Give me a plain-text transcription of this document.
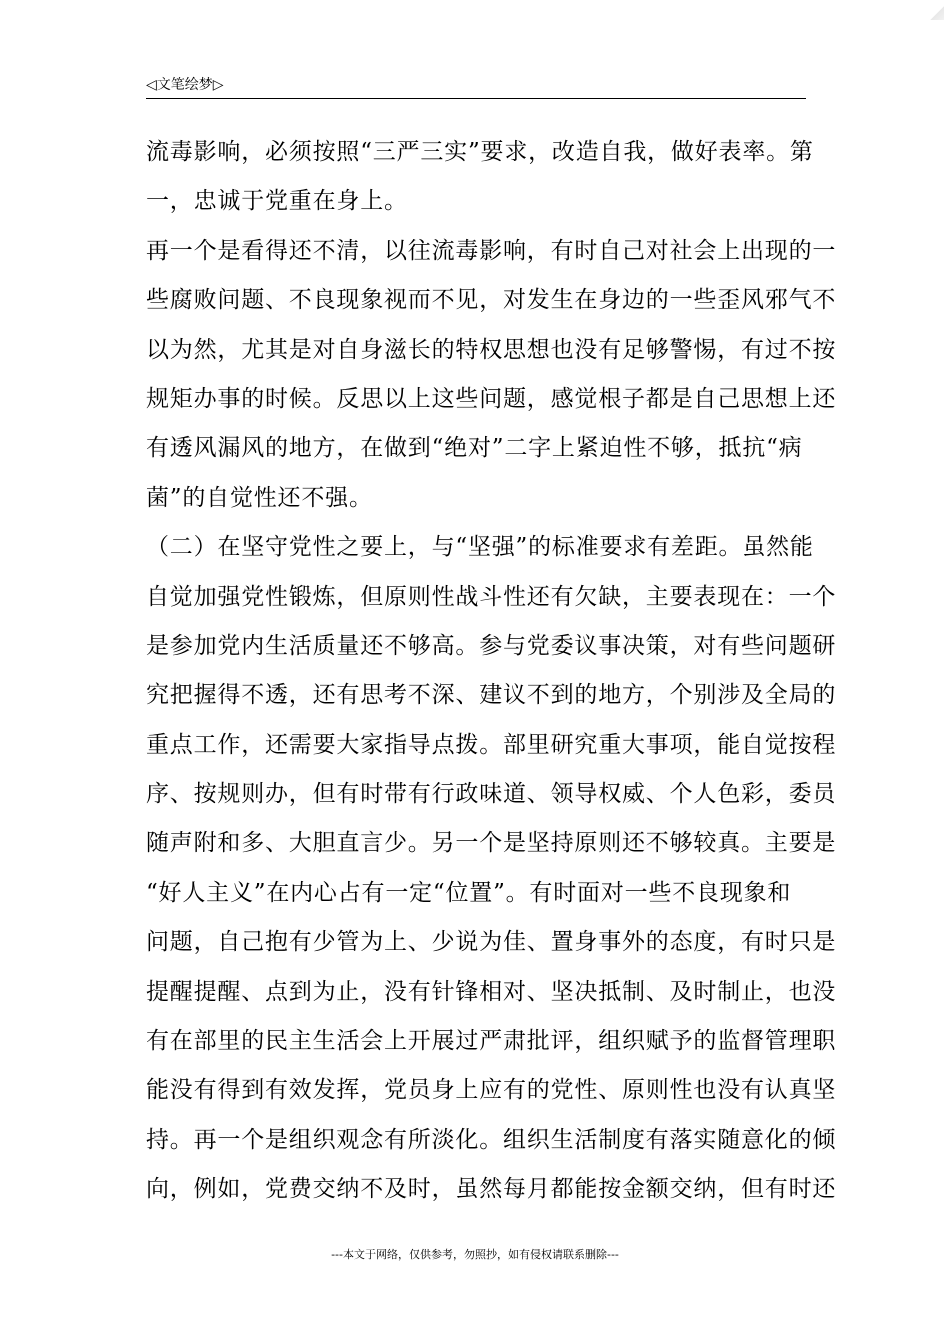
◁文笔绘梦▷
流毒影响，必须按照“三严三实”要求，改造自我，做好表率。第
一，忠诚于党重在身上。
再一个是看得还不清，以往流毒影响，有时自己对社会上出现的一
些腐败问题、不良现象视而不见，对发生在身边的一些歪风邪气不
以为然，尤其是对自身滋长的特权思想也没有足够警惕，有过不按
规矩办事的时候。反思以上这些问题，感觉根子都是自己思想上还
有透风漏风的地方，在做到“绝对”二字上紧迫性不够，抵抗“病
菌”的自觉性还不强。
（二）在坚守党性之要上，与“坚强”的标准要求有差距。虽然能
自觉加强党性锻炼，但原则性战斗性还有欠缺，主要表现在：一个
是参加党内生活质量还不够高。参与党委议事决策，对有些问题研
究把握得不透，还有思考不深、建议不到的地方，个别涉及全局的
重点工作，还需要大家指导点拨。部里研究重大事项，能自觉按程
序、按规则办，但有时带有行政味道、领导权威、个人色彩，委员
随声附和多、大胆直言少。另一个是坚持原则还不够较真。主要是
“好人主义”在内心占有一定“位置”。有时面对一些不良现象和
问题，自己抱有少管为上、少说为佳、置身事外的态度，有时只是
提醒提醒、点到为止，没有针锋相对、坚决抵制、及时制止，也没
有在部里的民主生活会上开展过严肃批评，组织赋予的监督管理职
能没有得到有效发挥，党员身上应有的党性、原则性也没有认真坚
持。再一个是组织观念有所淡化。组织生活制度有落实随意化的倾
向，例如，党费交纳不及时，虽然每月都能按金额交纳，但有时还
---本文于网络，仅供参考，勿照抄，如有侵权请联系删除---
